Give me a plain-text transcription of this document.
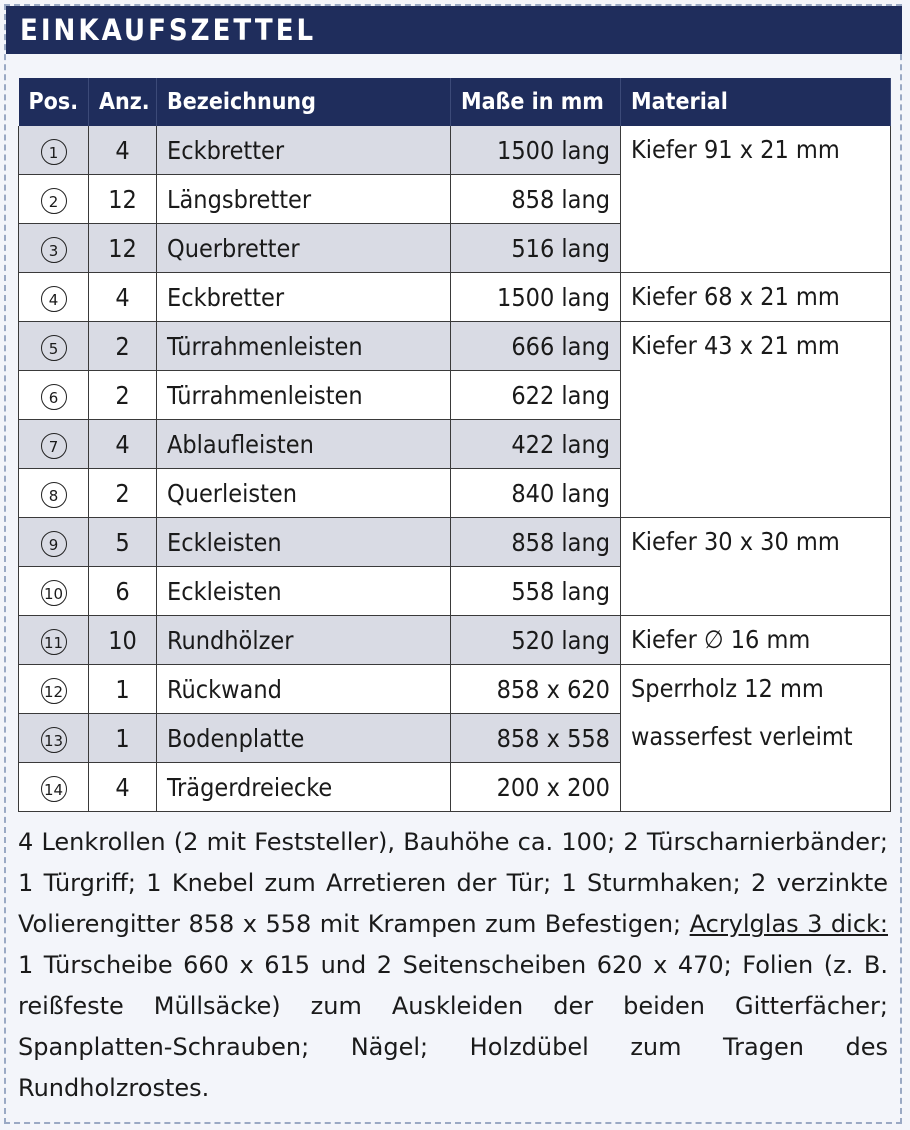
EINKAUFSZETTEL
Pos.	Anz.	Bezeichnung	Maße in mm	Material
1	4	Eckbretter	1500 lang	Kiefer 91 x 21 mm
2	12	Längsbretter	858 lang	
3	12	Querbretter	516 lang	
4	4	Eckbretter	1500 lang	Kiefer 68 x 21 mm
5	2	Türrahmenleisten	666 lang	Kiefer 43 x 21 mm
6	2	Türrahmenleisten	622 lang	
7	4	Ablaufleisten	422 lang	
8	2	Querleisten	840 lang	
9	5	Eckleisten	858 lang	Kiefer 30 x 30 mm
10	6	Eckleisten	558 lang	
11	10	Rundhölzer	520 lang	Kiefer ∅ 16 mm
12	1	Rückwand	858 x 620	Sperrholz 12 mm wasserfest verleimt
13	1	Bodenplatte	858 x 558	
14	4	Trägerdreiecke	200 x 200	
4 Lenkrollen (2 mit Feststeller), Bauhöhe ca. 100; 2 Türscharnierbänder; 1 Türgriff; 1 Knebel zum Arretieren der Tür; 1 Sturmhaken; 2 verzinkte Volierengitter 858 x 558 mit Krampen zum Befestigen; Acrylglas 3 dick: 1 Türscheibe 660 x 615 und 2 Seitenscheiben 620 x 470; Folien (z. B. reißfeste Müllsäcke) zum Auskleiden der beiden Gitterfächer; Spanplatten-Schrauben; Nägel; Holzdübel zum Tragen des Rundholzrostes.
